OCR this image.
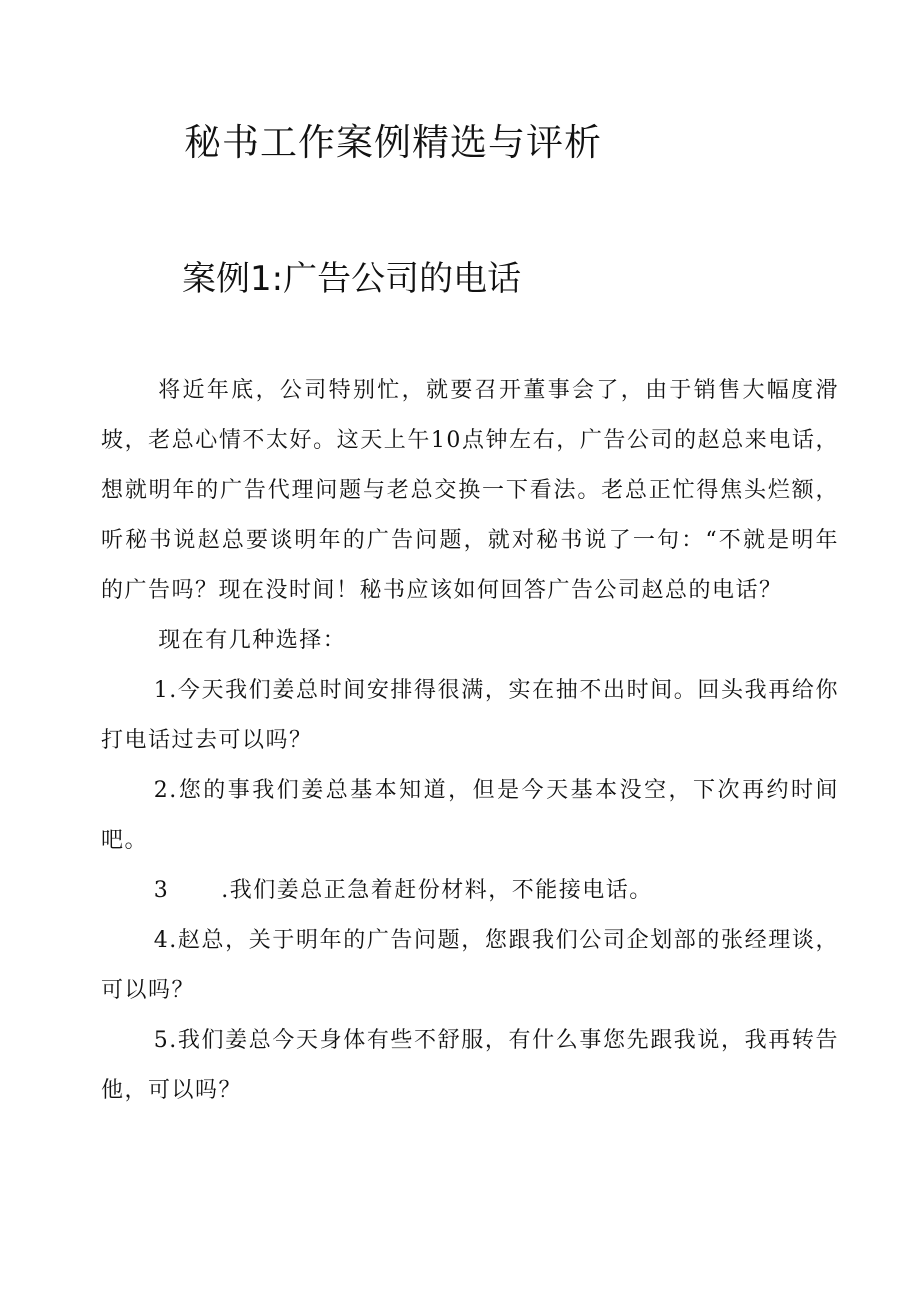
秘书工作案例精选与评析
案例1:广告公司的电话

将近年底，公司特别忙，就要召开董事会了，由于销售大幅度滑坡，老总心情不太好。这天上午10点钟左右，广告公司的赵总来电话，想就明年的广告代理问题与老总交换一下看法。老总正忙得焦头烂额，听秘书说赵总要谈明年的广告问题，就对秘书说了一句：“不就是明年的广告吗？现在没时间！秘书应该如何回答广告公司赵总的电话？

现在有几种选择：

1.今天我们姜总时间安排得很满，实在抽不出时间。回头我再给你打电话过去可以吗？

2.您的事我们姜总基本知道，但是今天基本没空，下次再约时间吧。

3 .我们姜总正急着赶份材料，不能接电话。

4.赵总，关于明年的广告问题，您跟我们公司企划部的张经理谈，可以吗？

5.我们姜总今天身体有些不舒服，有什么事您先跟我说，我再转告他，可以吗？
